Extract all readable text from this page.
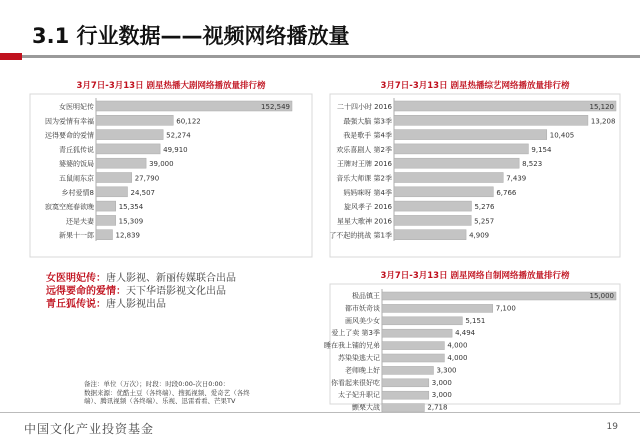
3.1 行业数据——视频网络播放量
3月7日-3月13日 剧星热播大剧网络播放量排行榜
女医明妃传	152,549
因为爱情有幸福	60,122
远得要命的爱情	52,274
青丘狐传说	49,910
婆婆的饭局	39,000
五鼠闹东京	27,790
乡村爱情8	24,507
寂寞空庭春欲晚	15,354
还是夫妻	15,309
新果十一郎	12,839
3月7日-3月13日 剧星热播综艺网络播放量排行榜
二十四小时 2016	15,120
最强大脑 第3季	13,208
我是歌手 第4季	10,405
欢乐喜剧人 第2季	9,154
王牌对王牌 2016	8,523
音乐大师课 第2季	7,439
妈妈咪呀 第4季	6,766
旋风孝子 2016	5,276
星星大歌神 2016	5,257
了不起的挑战 第1季	4,909
3月7日-3月13日 剧星网络自制网络播放量排行榜
极品镇王	15,000
都市妖奇谈	7,100
画风美少女	5,151
爱上了卖 第3季	4,494
睡在我上铺的兄弟	4,000
苏染染逃大记	4,000
老师晚上好	3,300
你看起来很好吃	3,000
太子妃升职记	3,000
颤栗大战	2,718
女医明妃传：唐人影视、新丽传媒联合出品
远得要命的爱情：天下华语影视文化出品
青丘狐传说：唐人影视出品
备注：单位（万次）；时段：时段0:00-次日0:00：
数据来源：优酷土豆（各终端）、搜狐视频、爱奇艺（各终
端）、腾讯视频（各终端）、乐视、迅雷看看、芒果TV
中国文化产业投资基金	19
